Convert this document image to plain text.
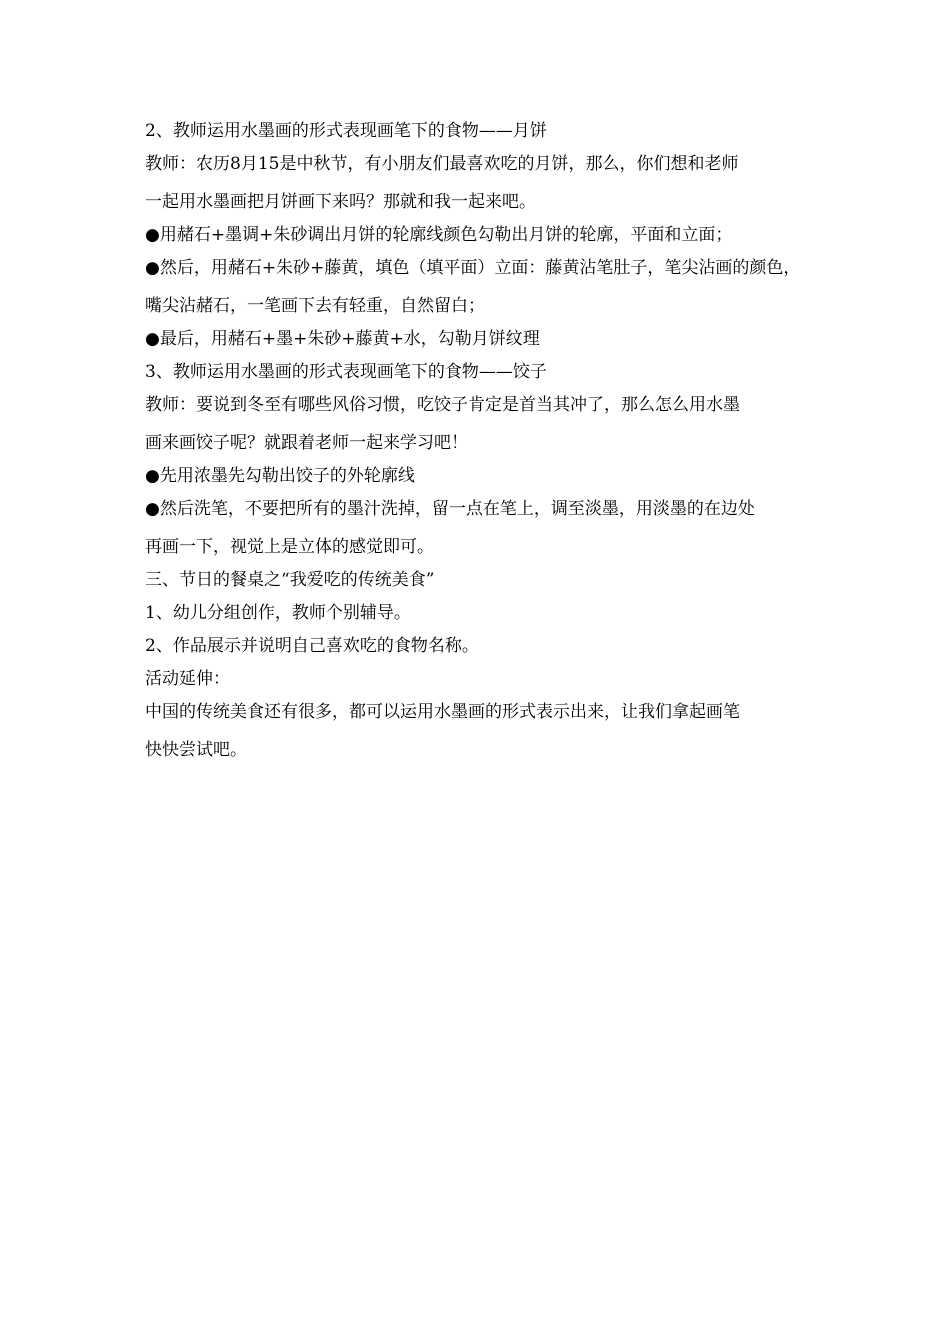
2、教师运用水墨画的形式表现画笔下的食物——月饼

教师：农历8月15是中秋节，有小朋友们最喜欢吃的月饼，那么，你们想和老师

一起用水墨画把月饼画下来吗？那就和我一起来吧。

●用赭石+墨调+朱砂调出月饼的轮廓线颜色勾勒出月饼的轮廓，平面和立面；

●然后，用赭石+朱砂+藤黄，填色（填平面）立面：藤黄沾笔肚子，笔尖沾画的颜色，

嘴尖沾赭石，一笔画下去有轻重，自然留白；

●最后，用赭石+墨+朱砂+藤黄+水，勾勒月饼纹理

3、教师运用水墨画的形式表现画笔下的食物——饺子

教师：要说到冬至有哪些风俗习惯，吃饺子肯定是首当其冲了，那么怎么用水墨

画来画饺子呢？就跟着老师一起来学习吧！

●先用浓墨先勾勒出饺子的外轮廓线

●然后洗笔，不要把所有的墨汁洗掉，留一点在笔上，调至淡墨，用淡墨的在边处

再画一下，视觉上是立体的感觉即可。

三、节日的餐桌之“我爱吃的传统美食”

1、幼儿分组创作，教师个别辅导。

2、作品展示并说明自己喜欢吃的食物名称。

活动延伸：

中国的传统美食还有很多，都可以运用水墨画的形式表示出来，让我们拿起画笔

快快尝试吧。
